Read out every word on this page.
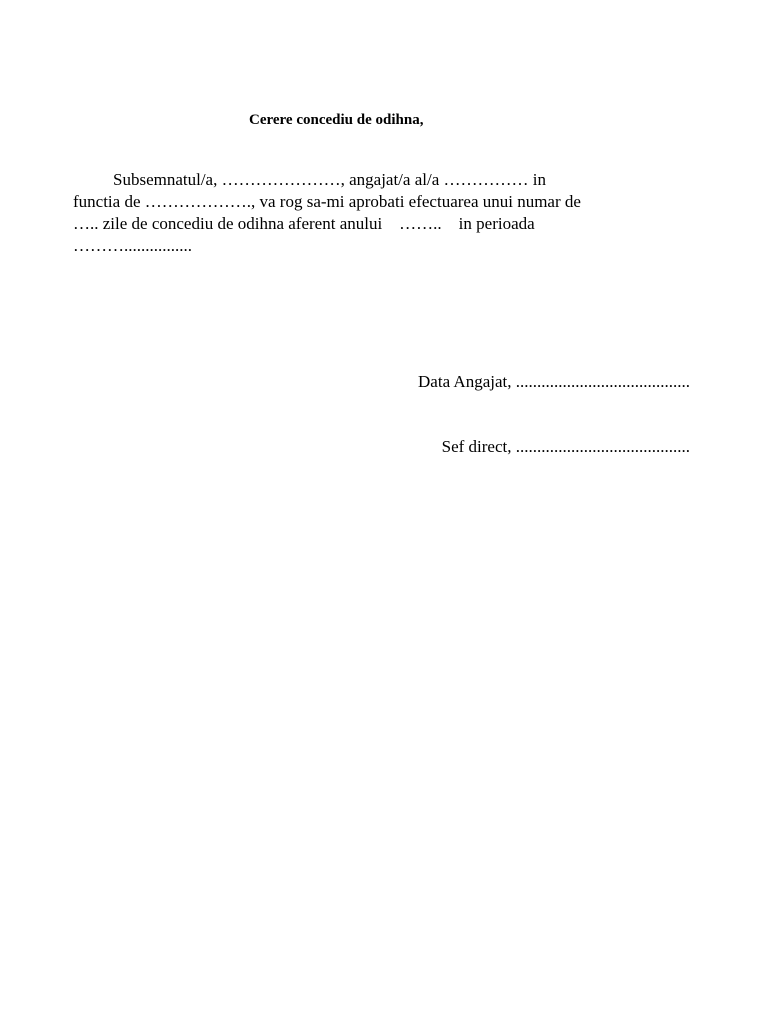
Cerere concediu de odihna,
Subsemnatul/a, …………………, angajat/a al/a …………… in
functia de ………………., va rog sa-mi aprobati efectuarea unui numar de
….. zile de concediu de odihna aferent anului    ……..    in perioada
………................
Data Angajat, .........................................
Sef direct, .........................................
